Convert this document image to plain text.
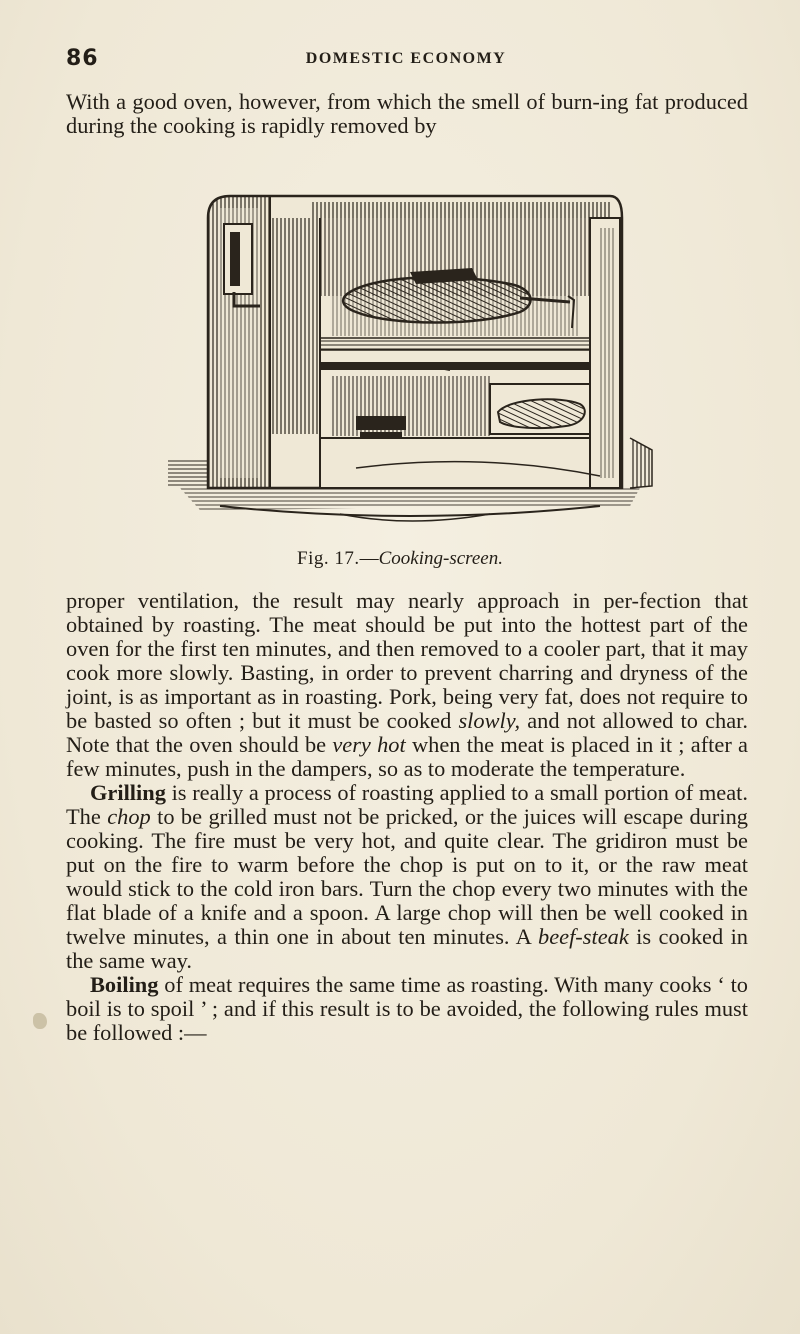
86	DOMESTIC ECONOMY

With a good oven, however, from which the smell of burn-ing fat produced during the cooking is rapidly removed by

Fig. 17.—Cooking-screen.

proper ventilation, the result may nearly approach in per-fection that obtained by roasting. The meat should be put into the hottest part of the oven for the first ten minutes, and then removed to a cooler part, that it may cook more slowly. Basting, in order to prevent charring and dryness of the joint, is as important as in roasting. Pork, being very fat, does not require to be basted so often ; but it must be cooked slowly, and not allowed to char. Note that the oven should be very hot when the meat is placed in it ; after a few minutes, push in the dampers, so as to moderate the temperature.

Grilling is really a process of roasting applied to a small portion of meat. The chop to be grilled must not be pricked, or the juices will escape during cooking. The fire must be very hot, and quite clear. The gridiron must be put on the fire to warm before the chop is put on to it, or the raw meat would stick to the cold iron bars. Turn the chop every two minutes with the flat blade of a knife and a spoon. A large chop will then be well cooked in twelve minutes, a thin one in about ten minutes. A beef-steak is cooked in the same way.

Boiling of meat requires the same time as roasting. With many cooks ‘ to boil is to spoil ’ ; and if this result is to be avoided, the following rules must be followed :—
